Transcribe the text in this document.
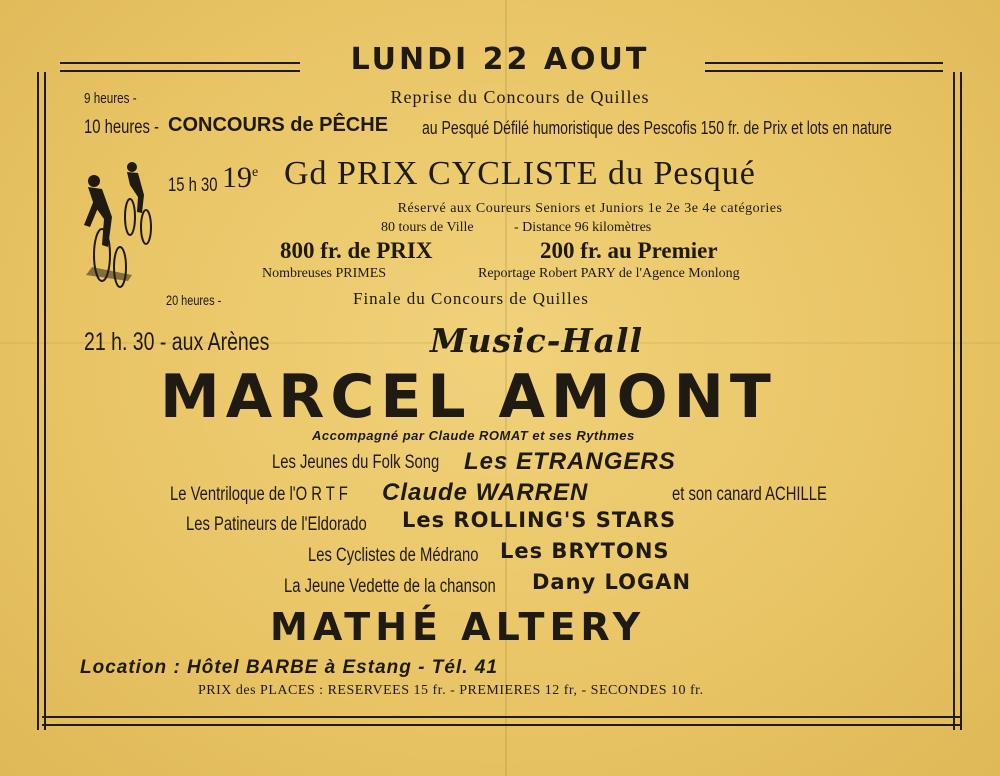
LUNDI 22 AOUT
9 heures -	Reprise du Concours de Quilles
10 heures - CONCOURS de PÊCHE au Pesqué Défilé humoristique des Pescofis 150 fr. de Prix et lots en nature
15 h 30 19e Gd PRIX CYCLISTE du Pesqué
Réservé aux Coureurs Seniors et Juniors 1e 2e 3e 4e catégories
80 tours de Ville	- Distance 96 kilomètres
800 fr. de PRIX	200 fr. au Premier
Nombreuses PRIMES	Reportage Robert PARY de l'Agence Monlong
20 heures -	Finale du Concours de Quilles
21 h. 30 - aux Arènes	Music-Hall
MARCEL AMONT
Accompagné par Claude ROMAT et ses Rythmes
Les Jeunes du Folk Song Les ETRANGERS
Le Ventriloque de l'O R T F Claude WARREN	et son canard ACHILLE
Les Patineurs de l'Eldorado Les ROLLING'S STARS
Les Cyclistes de Médrano Les BRYTONS
La Jeune Vedette de la chanson Dany LOGAN
MATHÉ ALTERY
Location : Hôtel BARBE à Estang - Tél. 41
PRIX des PLACES : RESERVEES 15 fr. - PREMIERES 12 fr, - SECONDES 10 fr.
